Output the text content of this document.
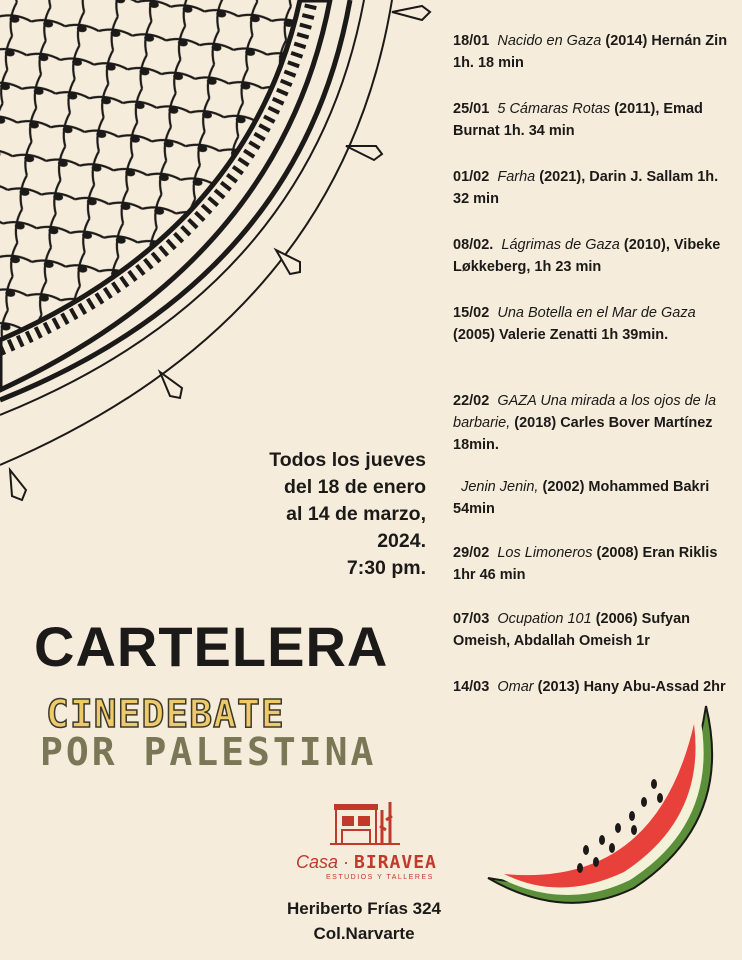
18/01 Nacido en Gaza (2014) Hernán Zin 1h. 18 min
25/01 5 Cámaras Rotas (2011), Emad Burnat 1h. 34 min
01/02 Farha (2021), Darin J. Sallam 1h. 32 min
08/02. Lágrimas de Gaza (2010), Vibeke Løkkeberg, 1h 23 min
15/02 Una Botella en el Mar de Gaza (2005) Valerie Zenatti 1h 39min.
22/02 GAZA Una mirada a los ojos de la barbarie, (2018) Carles Bover Martínez 18min.
Jenin Jenin, (2002) Mohammed Bakri 54min
29/02 Los Limoneros (2008) Eran Riklis 1hr 46 min
07/03 Ocupation 101 (2006) Sufyan Omeish, Abdallah Omeish 1r
14/03 Omar (2013) Hany Abu-Assad 2hr
Todos los jueves
del 18 de enero
al 14 de marzo,
2024.
7:30 pm.
CARTELERA
CINEDEBATE
POR PALESTINA
Casa · BIRAVEA
ESTUDIOS Y TALLERES
Heriberto Frías 324
Col.Narvarte
